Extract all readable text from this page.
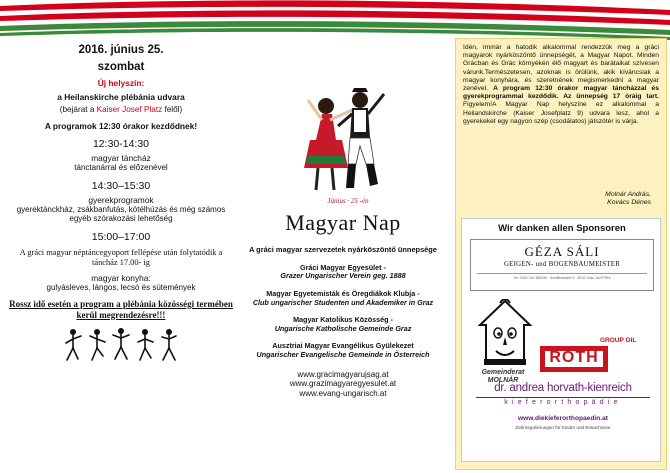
2016. június 25.
szombat
Új helyszín:
a Heilanskirche plébánia udvara
(bejárat a Kaiser Josef Platz felől)
A programok 12:30 órakor kezdődnek!
12:30-14:30
magyar táncház
tánctanárral és előzenével
14:30–15:30
gyerekprogramok
gyerektánckház, zsákbanfutás, kötélhúzás és még számos egyéb szórakozási lehetőség
15:00–17:00
A gráci magyar néptáncegyoport fellépése után folytatódik a táncház 17.00- ig
magyar konyha:
gulyásleves, lángos, lecsó és sütemények
Rossz idő esetén a program a plébánia közösségi termében kerül megrendezésre!!!
Június · 25 -én
Magyar Nap
A gráci magyar szervezetek nyárköszöntő ünnepsége
Gráci Magyar Egyesület -
Grazer Ungarischer Verein geg. 1888
Magyar Egyetemisták és Öregdiákok Klubja -
Club ungarischer Studenten und Akademiker in Graz
Magyar Katolikus Közösség -
Ungarische Katholische Gemeinde Graz
Ausztriai Magyar Evangélikus Gyülekezet
Ungarischer Evangelische Gemeinde in Österreich
www.gracimagyarujsag.at
www.grazimagyaregyesulet.at
www.evang-ungarisch.at
Idén, immár a hatodik alkalommal rendezzük meg a gráci magyarok nyárköszöntő ünnepségét, a Magyar Napot. Minden Grácban és Grác környékén élő magyart és barátaikat szívesen várunk.Természetesen, azoknak is örülünk, akik kíváncsiak a magyar konyhára, és szeretnének megismerkedni a magyar zenével. A program 12:30 órakor magyar táncházzal és gyerekprogrammal kezdődik. Az ünnepség 17 óráig tart. Figyelem!A Magyar Nap helyszíne ez alkalommal a Heilandskirche (Kaiser Josefplatz 9) udvara lesz, ahol a gyerekeket egy nagyon szép (csodálatos) játszótér is várja.
Molnár András,
Kovács Dénes
Wir danken allen Sponsoren
GÉZA SÁLI
GEIGEN- und BOGENBAUMEISTER
Tel: 0043 316 380436 · Schillerstraße 6 · 8010 Graz, AUSTRIA
Gemeinderat
MOLNÁR
GROUP OIL
ROTH
dr. andrea horvath-kienreich
kieferorthopädie
www.diekieferorthopaedin.at
Zahnregulierungen für Kinder und Erwachsene
